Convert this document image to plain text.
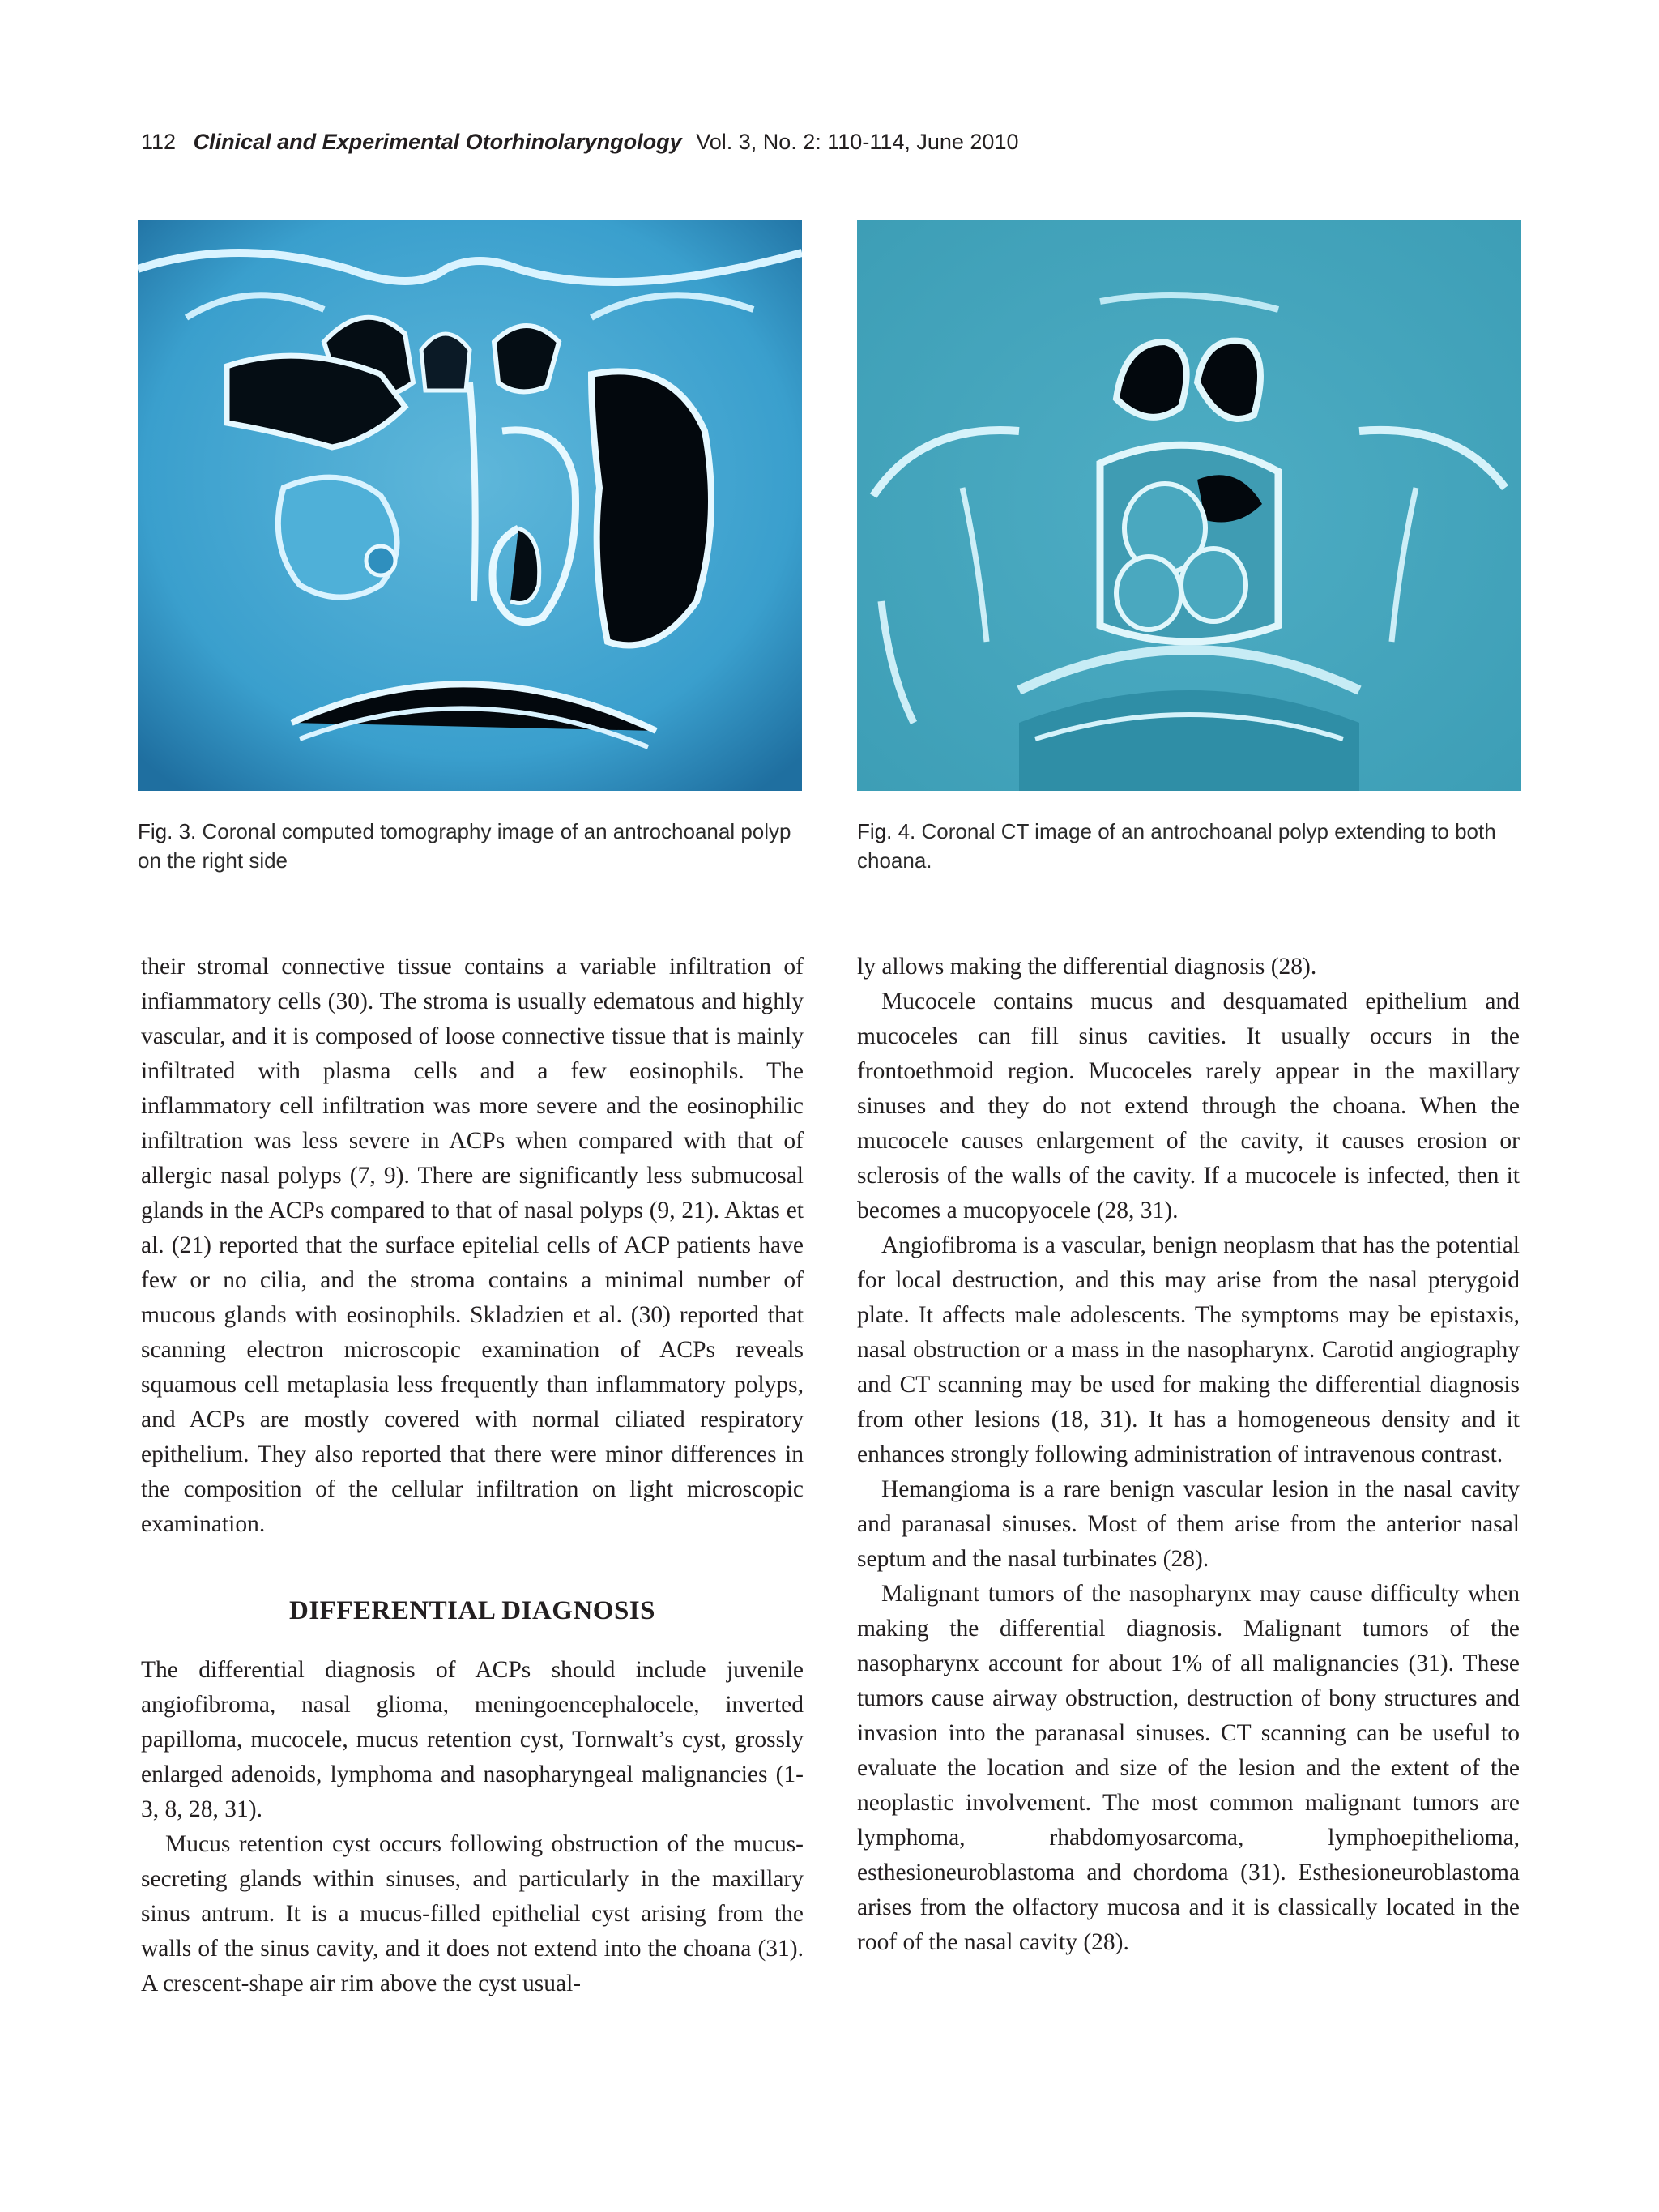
112 Clinical and Experimental Otorhinolaryngology Vol. 3, No. 2: 110-114, June 2010
Fig. 3. Coronal computed tomography image of an antrochoanal polyp on the right side
Fig. 4. Coronal CT image of an antrochoanal polyp extending to both choana.

their stromal connective tissue contains a variable infiltration of infiammatory cells (30). The stroma is usually edematous and highly vascular, and it is composed of loose connective tissue that is mainly infiltrated with plasma cells and a few eosinophils. The inflammatory cell infiltration was more severe and the eosinophilic infiltration was less severe in ACPs when compared with that of allergic nasal polyps (7, 9). There are significantly less submucosal glands in the ACPs compared to that of nasal polyps (9, 21). Aktas et al. (21) reported that the surface epitelial cells of ACP patients have few or no cilia, and the stroma contains a minimal number of mucous glands with eosinophils. Skladzien et al. (30) reported that scanning electron microscopic examination of ACPs reveals squamous cell metaplasia less frequently than inflammatory polyps, and ACPs are mostly covered with normal ciliated respiratory epithelium. They also reported that there were minor differences in the composition of the cellular infiltration on light microscopic examination.

DIFFERENTIAL DIAGNOSIS

The differential diagnosis of ACPs should include juvenile angiofibroma, nasal glioma, meningoencephalocele, inverted papilloma, mucocele, mucus retention cyst, Tornwalt’s cyst, grossly enlarged adenoids, lymphoma and nasopharyngeal malignancies (1-3, 8, 28, 31).

Mucus retention cyst occurs following obstruction of the mucus-secreting glands within sinuses, and particularly in the maxillary sinus antrum. It is a mucus-filled epithelial cyst arising from the walls of the sinus cavity, and it does not extend into the choana (31). A crescent-shape air rim above the cyst usual-

ly allows making the differential diagnosis (28).

Mucocele contains mucus and desquamated epithelium and mucoceles can fill sinus cavities. It usually occurs in the frontoethmoid region. Mucoceles rarely appear in the maxillary sinuses and they do not extend through the choana. When the mucocele causes enlargement of the cavity, it causes erosion or sclerosis of the walls of the cavity. If a mucocele is infected, then it becomes a mucopyocele (28, 31).

Angiofibroma is a vascular, benign neoplasm that has the potential for local destruction, and this may arise from the nasal pterygoid plate. It affects male adolescents. The symptoms may be epistaxis, nasal obstruction or a mass in the nasopharynx. Carotid angiography and CT scanning may be used for making the differential diagnosis from other lesions (18, 31). It has a homogeneous density and it enhances strongly following administration of intravenous contrast.

Hemangioma is a rare benign vascular lesion in the nasal cavity and paranasal sinuses. Most of them arise from the anterior nasal septum and the nasal turbinates (28).

Malignant tumors of the nasopharynx may cause difficulty when making the differential diagnosis. Malignant tumors of the nasopharynx account for about 1% of all malignancies (31). These tumors cause airway obstruction, destruction of bony structures and invasion into the paranasal sinuses. CT scanning can be useful to evaluate the location and size of the lesion and the extent of the neoplastic involvement. The most common malignant tumors are lymphoma, rhabdomyosarcoma, lymphoepithelioma, esthesioneuroblastoma and chordoma (31). Esthesioneuroblastoma arises from the olfactory mucosa and it is classically located in the roof of the nasal cavity (28).
